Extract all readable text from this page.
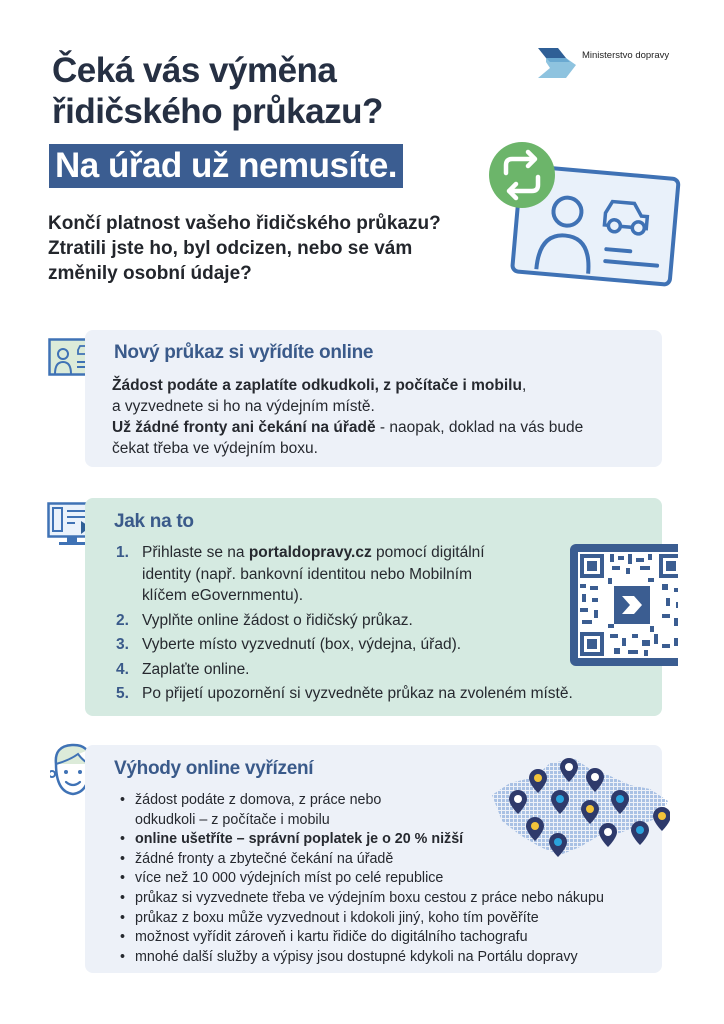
Čeká vás výměna
řidičského průkazu?
Na úřad už nemusíte.
Ministerstvo dopravy
Končí platnost vašeho řidičského průkazu?
Ztratili jste ho, byl odcizen, nebo se vám
změnily osobní údaje?
Nový průkaz si vyřídíte online
Žádost podáte a zaplatíte odkudkoli, z počítače i mobilu,
a vyzvednete si ho na výdejním místě.
Už žádné fronty ani čekání na úřadě - naopak, doklad na vás bude
čekat třeba ve výdejním boxu.
Jak na to
1. Přihlaste se na portaldopravy.cz pomocí digitální
identity (např. bankovní identitou nebo Mobilním
klíčem eGovernmentu).
2. Vyplňte online žádost o řidičský průkaz.
3. Vyberte místo vyzvednutí (box, výdejna, úřad).
4. Zaplaťte online.
5. Po přijetí upozornění si vyzvedněte průkaz na zvoleném místě.
Výhody online vyřízení
• žádost podáte z domova, z práce nebo
odkudkoli – z počítače i mobilu
• online ušetříte – správní poplatek je o 20 % nižší
• žádné fronty a zbytečné čekání na úřadě
• více než 10 000 výdejních míst po celé republice
• průkaz si vyzvednete třeba ve výdejním boxu cestou z práce nebo nákupu
• průkaz z boxu může vyzvednout i kdokoli jiný, koho tím pověříte
• možnost vyřídit zároveň i kartu řidiče do digitálního tachografu
• mnohé další služby a výpisy jsou dostupné kdykoli na Portálu dopravy
